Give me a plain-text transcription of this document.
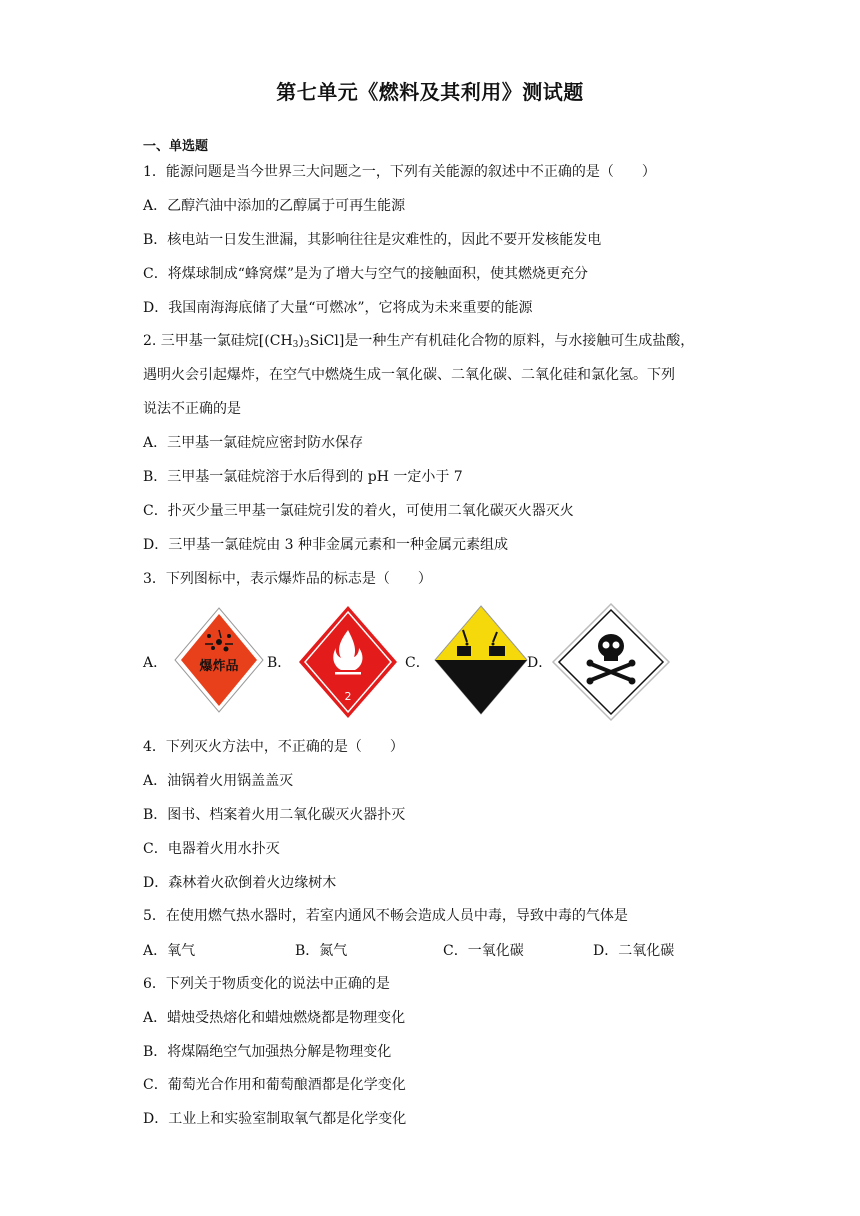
第七单元《燃料及其利用》测试题
一、单选题
1．能源问题是当今世界三大问题之一，下列有关能源的叙述中不正确的是（　　）
A．乙醇汽油中添加的乙醇属于可再生能源
B．核电站一日发生泄漏，其影响往往是灾难性的，因此不要开发核能发电
C．将煤球制成“蜂窝煤”是为了增大与空气的接触面积，使其燃烧更充分
D．我国南海海底储了大量“可燃冰”，它将成为未来重要的能源
2. 三甲基一氯硅烷$[(CH_3)_3SiCl]$是一种生产有机硅化合物的原料，与水接触可生成盐酸，
遇明火会引起爆炸，在空气中燃烧生成一氧化碳、二氧化碳、二氧化硅和氯化氢。下列
说法不正确的是
A．三甲基一氯硅烷应密封防水保存
B．三甲基一氯硅烷溶于水后得到的 pH 一定小于 7
C．扑灭少量三甲基一氯硅烷引发的着火，可使用二氧化碳灭火器灭火
D．三甲基一氯硅烷由 3 种非金属元素和一种金属元素组成
3．下列图标中，表示爆炸品的标志是（　　）
A． 爆炸品 B．
2
C．	D．
4．下列灭火方法中，不正确的是（　　）
A．油锅着火用锅盖盖灭
B．图书、档案着火用二氧化碳灭火器扑灭
C．电器着火用水扑灭
D．森林着火砍倒着火边缘树木
5．在使用燃气热水器时，若室内通风不畅会造成人员中毒，导致中毒的气体是
A．氧气	B．氮气	C．一氧化碳	D．二氧化碳
6．下列关于物质变化的说法中正确的是
A．蜡烛受热熔化和蜡烛燃烧都是物理变化
B．将煤隔绝空气加强热分解是物理变化
C．葡萄光合作用和葡萄酿酒都是化学变化
D．工业上和实验室制取氧气都是化学变化
